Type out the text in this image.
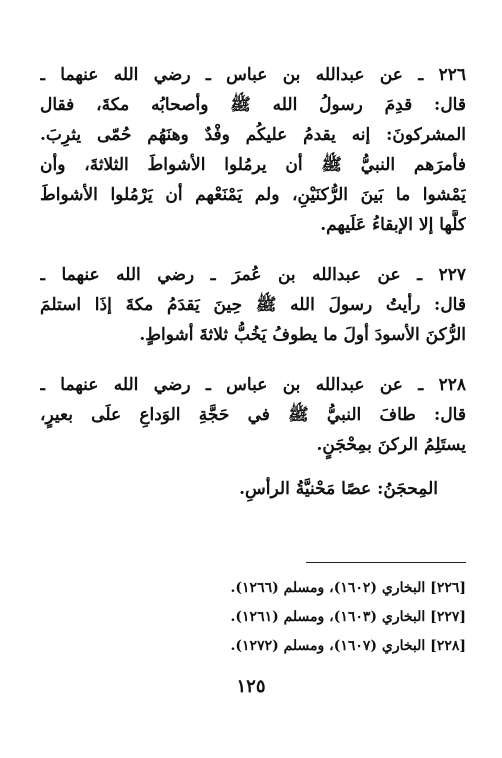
٢٢٦ ـ عن عبدالله بن عباس ـ رضي الله عنهما ـ
قال: قدِمَ رسولُ الله ﷺ وأصحابُه مكةَ، فقال
المشركونَ: إنه يقدمُ عليكُم وفْدٌ وهنَهُم حُمّى يثرِبَ.
فأمرَهم النبيُّ ﷺ أن يرمُلوا الأشواطَ الثلاثةَ، وأن
يَمْشوا ما بَينَ الرُّكنَيْنِ، ولم يَمْنَعْهم أن يَرْمُلوا الأشواطَ
كلَّها إلا الإبقاءُ عَلَيهم.
٢٢٧ ـ عن عبدالله بن عُمرَ ـ رضي الله عنهما ـ
قال: رأيتُ رسولَ الله ﷺ حِينَ يَقدَمُ مكةَ إذَا استلمَ
الرُّكنَ الأسودَ أولَ ما يطوفُ يَخُبُّ ثلاثةَ أشواطٍ.
٢٢٨ ـ عن عبدالله بن عباس ـ رضي الله عنهما ـ
قال: طافَ النبيُّ ﷺ في حَجَّةِ الوَداعِ علَى بعيرٍ،
يستَلِمُ الركنَ بمِحْجَنٍ.
المِحجَنُ: عصًا مَحْنيَّةُ الرأسِ.
[٢٢٦] البخاري (١٦٠٢)، ومسلم (١٢٦٦).
[٢٢٧] البخاري (١٦٠٣)، ومسلم (١٢٦١).
[٢٢٨] البخاري (١٦٠٧)، ومسلم (١٢٧٢).
١٢٥
